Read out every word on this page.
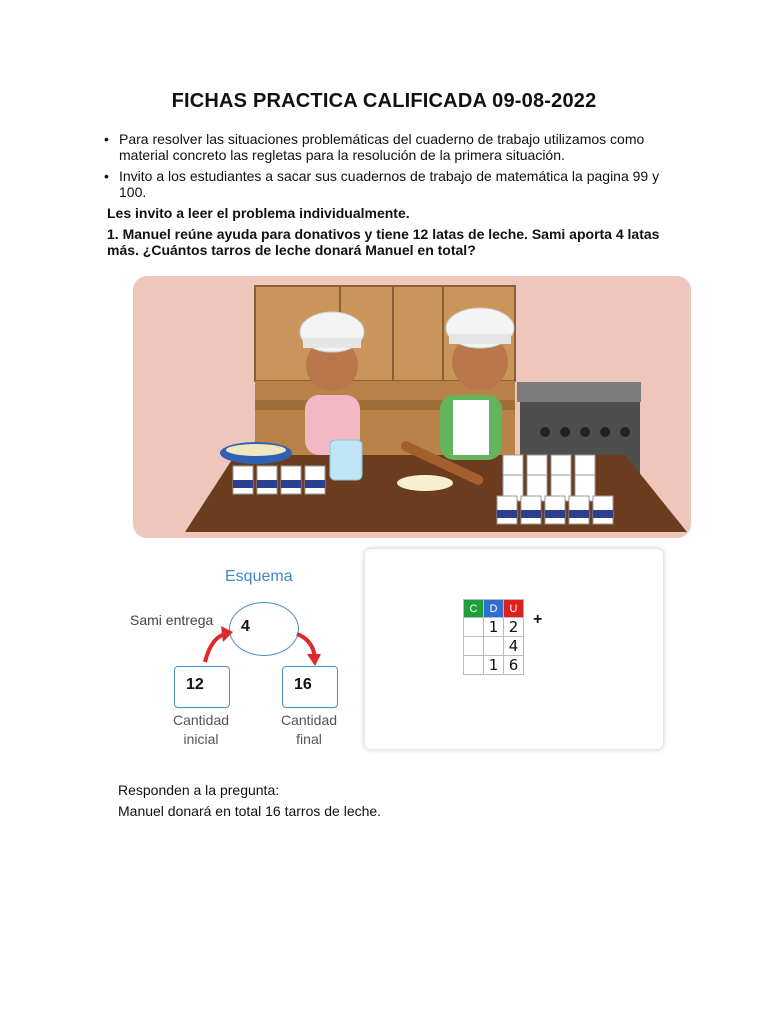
FICHAS PRACTICA CALIFICADA 09-08-2022
• Para resolver las situaciones problemáticas del cuaderno de trabajo utilizamos como material concreto las regletas para la resolución de la primera situación.
• Invito a los estudiantes a sacar sus cuadernos de trabajo de matemática la pagina 99 y 100.
Les invito a leer el problema individualmente.
1. Manuel reúne ayuda para donativos y tiene 12 latas de leche. Sami aporta 4 latas más. ¿Cuántos tarros de leche donará Manuel en total?
Esquema
Sami entrega 4
12	16
Cantidad
inicial
Cantidad
final
C	D	U
	1	2
		4
	1	6
+
Responden a la pregunta:
Manuel donará en total 16 tarros de leche.
